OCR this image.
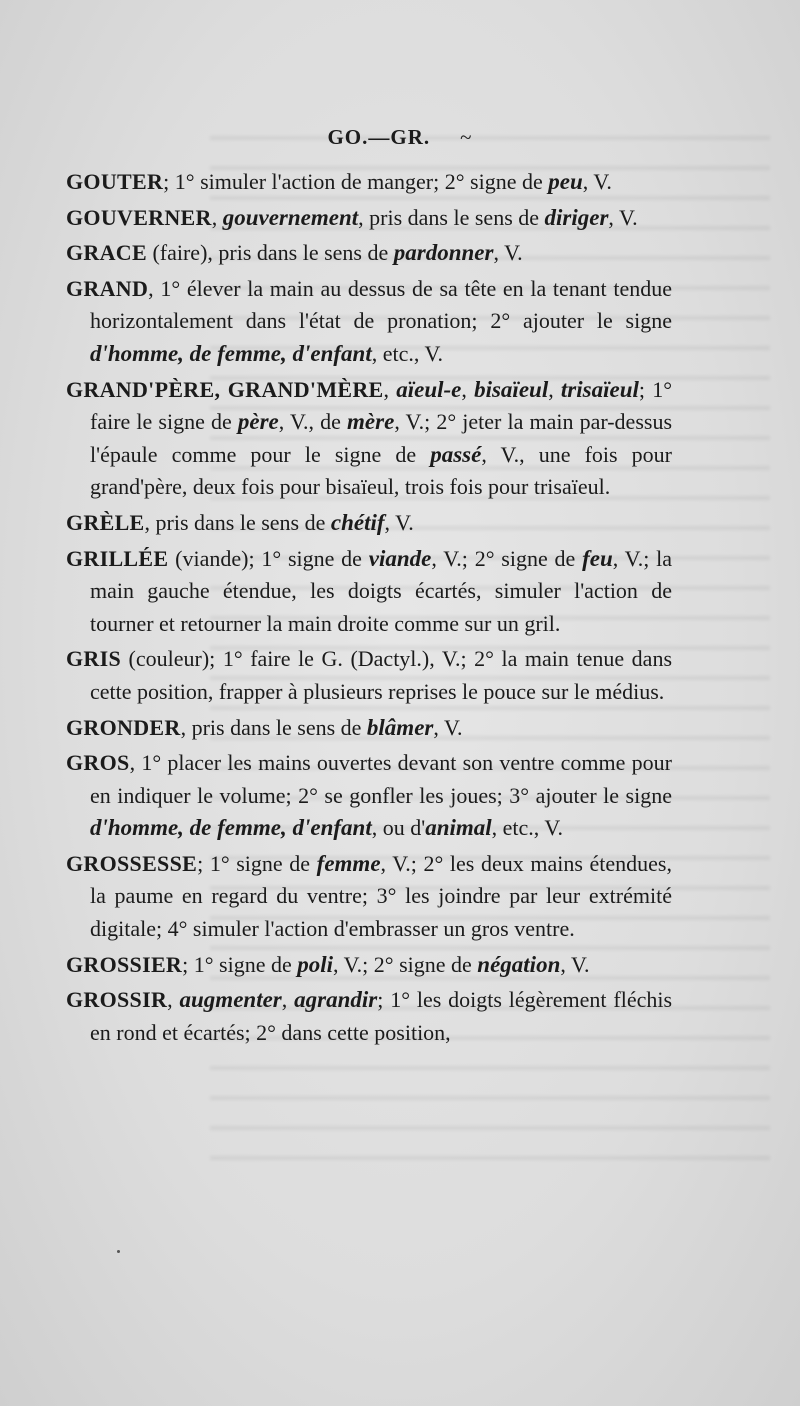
GO.—GR. ~

GOUTER; 1° simuler l'action de manger; 2° signe de peu, V.

GOUVERNER, gouvernement, pris dans le sens de diriger, V.

GRACE (faire), pris dans le sens de pardonner, V.

GRAND, 1° élever la main au dessus de sa tête en la tenant tendue horizontalement dans l'état de pronation; 2° ajouter le signe d'homme, de femme, d'enfant, etc., V.

GRAND'PÈRE, GRAND'MÈRE, aïeul-e, bisaïeul, trisaïeul; 1° faire le signe de père, V., de mère, V.; 2° jeter la main par-dessus l'épaule comme pour le signe de passé, V., une fois pour grand'père, deux fois pour bisaïeul, trois fois pour trisaïeul.

GRÈLE, pris dans le sens de chétif, V.

GRILLÉE (viande); 1° signe de viande, V.; 2° signe de feu, V.; la main gauche étendue, les doigts écartés, simuler l'action de tourner et retourner la main droite comme sur un gril.

GRIS (couleur); 1° faire le G. (Dactyl.), V.; 2° la main tenue dans cette position, frapper à plusieurs reprises le pouce sur le médius.

GRONDER, pris dans le sens de blâmer, V.

GROS, 1° placer les mains ouvertes devant son ventre comme pour en indiquer le volume; 2° se gonfler les joues; 3° ajouter le signe d'homme, de femme, d'enfant, ou d'animal, etc., V.

GROSSESSE; 1° signe de femme, V.; 2° les deux mains étendues, la paume en regard du ventre; 3° les joindre par leur extrémité digitale; 4° simuler l'action d'embrasser un gros ventre.

GROSSIER; 1° signe de poli, V.; 2° signe de négation, V.

GROSSIR, augmenter, agrandir; 1° les doigts légèrement fléchis en rond et écartés; 2° dans cette position,
